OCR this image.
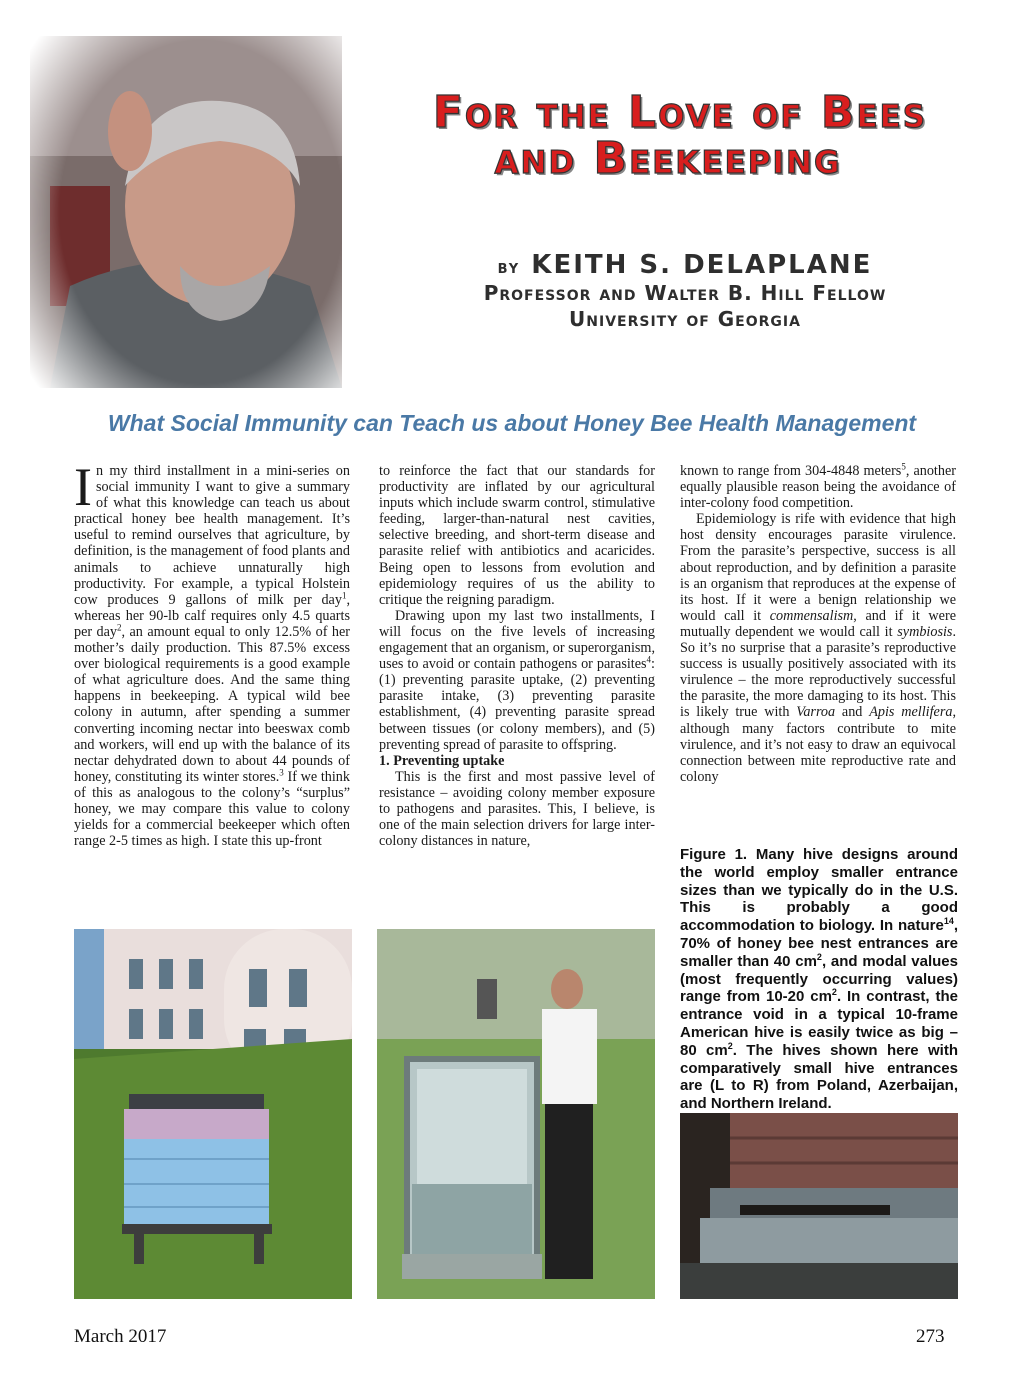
For the Love of Bees
and Beekeeping
by KEITH S. DELAPLANE
Professor and Walter B. Hill Fellow
University of Georgia
What Social Immunity can Teach us about Honey Bee Health Management

In my third installment in a mini-series on social immunity I want to give a summary of what this knowledge can teach us about practical honey bee health management. It’s useful to remind ourselves that agriculture, by definition, is the management of food plants and animals to achieve unnaturally high productivity. For example, a typical Holstein cow produces 9 gallons of milk per day$^1$, whereas her 90-lb calf requires only 4.5 quarts per day$^2$, an amount equal to only 12.5% of her mother’s daily production. This 87.5% excess over biological requirements is a good example of what agriculture does. And the same thing happens in beekeeping. A typical wild bee colony in autumn, after spending a summer converting incoming nectar into beeswax comb and workers, will end up with the balance of its nectar dehydrated down to about 44 pounds of honey, constituting its winter stores.$^3$ If we think of this as analogous to the colony’s “surplus” honey, we may compare this value to colony yields for a commercial beekeeper which often range 2-5 times as high. I state this up-front

to reinforce the fact that our standards for productivity are inflated by our agricultural inputs which include swarm control, stimulative feeding, larger-than-natural nest cavities, selective breeding, and short-term disease and parasite relief with antibiotics and acaricides. Being open to lessons from evolution and epidemiology requires of us the ability to critique the reigning paradigm.

Drawing upon my last two installments, I will focus on the five levels of increasing engagement that an organism, or superorganism, uses to avoid or contain pathogens or parasites$^4$: (1) preventing parasite uptake, (2) preventing parasite intake, (3) preventing parasite establishment, (4) preventing parasite spread between tissues (or colony members), and (5) preventing spread of parasite to offspring.

1. Preventing uptake

This is the first and most passive level of resistance – avoiding colony member exposure to pathogens and parasites. This, I believe, is one of the main selection drivers for large inter-colony distances in nature,

known to range from 304-4848 meters$^5$, another equally plausible reason being the avoidance of inter-colony food competition.

Epidemiology is rife with evidence that high host density encourages parasite virulence. From the parasite’s perspective, success is all about reproduction, and by definition a parasite is an organism that reproduces at the expense of its host. If it were a benign relationship we would call it commensalism, and if it were mutually dependent we would call it symbiosis. So it’s no surprise that a parasite’s reproductive success is usually positively associated with its virulence – the more reproductively successful the parasite, the more damaging to its host. This is likely true with Varroa and Apis mellifera, although many factors contribute to mite virulence, and it’s not easy to draw an equivocal connection between mite reproductive rate and colony

Figure 1. Many hive designs around the world employ smaller entrance sizes than we typically do in the U.S. This is probably a good accommodation to biology. In nature$^{14}$, 70% of honey bee nest entrances are smaller than 40 $cm^2$, and modal values (most frequently occurring values) range from 10-20 $cm^2$. In contrast, the entrance void in a typical 10-frame American hive is easily twice as big – 80 $cm^2$. The hives shown here with comparatively small hive entrances are (L to R) from Poland, Azerbaijan, and Northern Ireland.
March 2017	273
